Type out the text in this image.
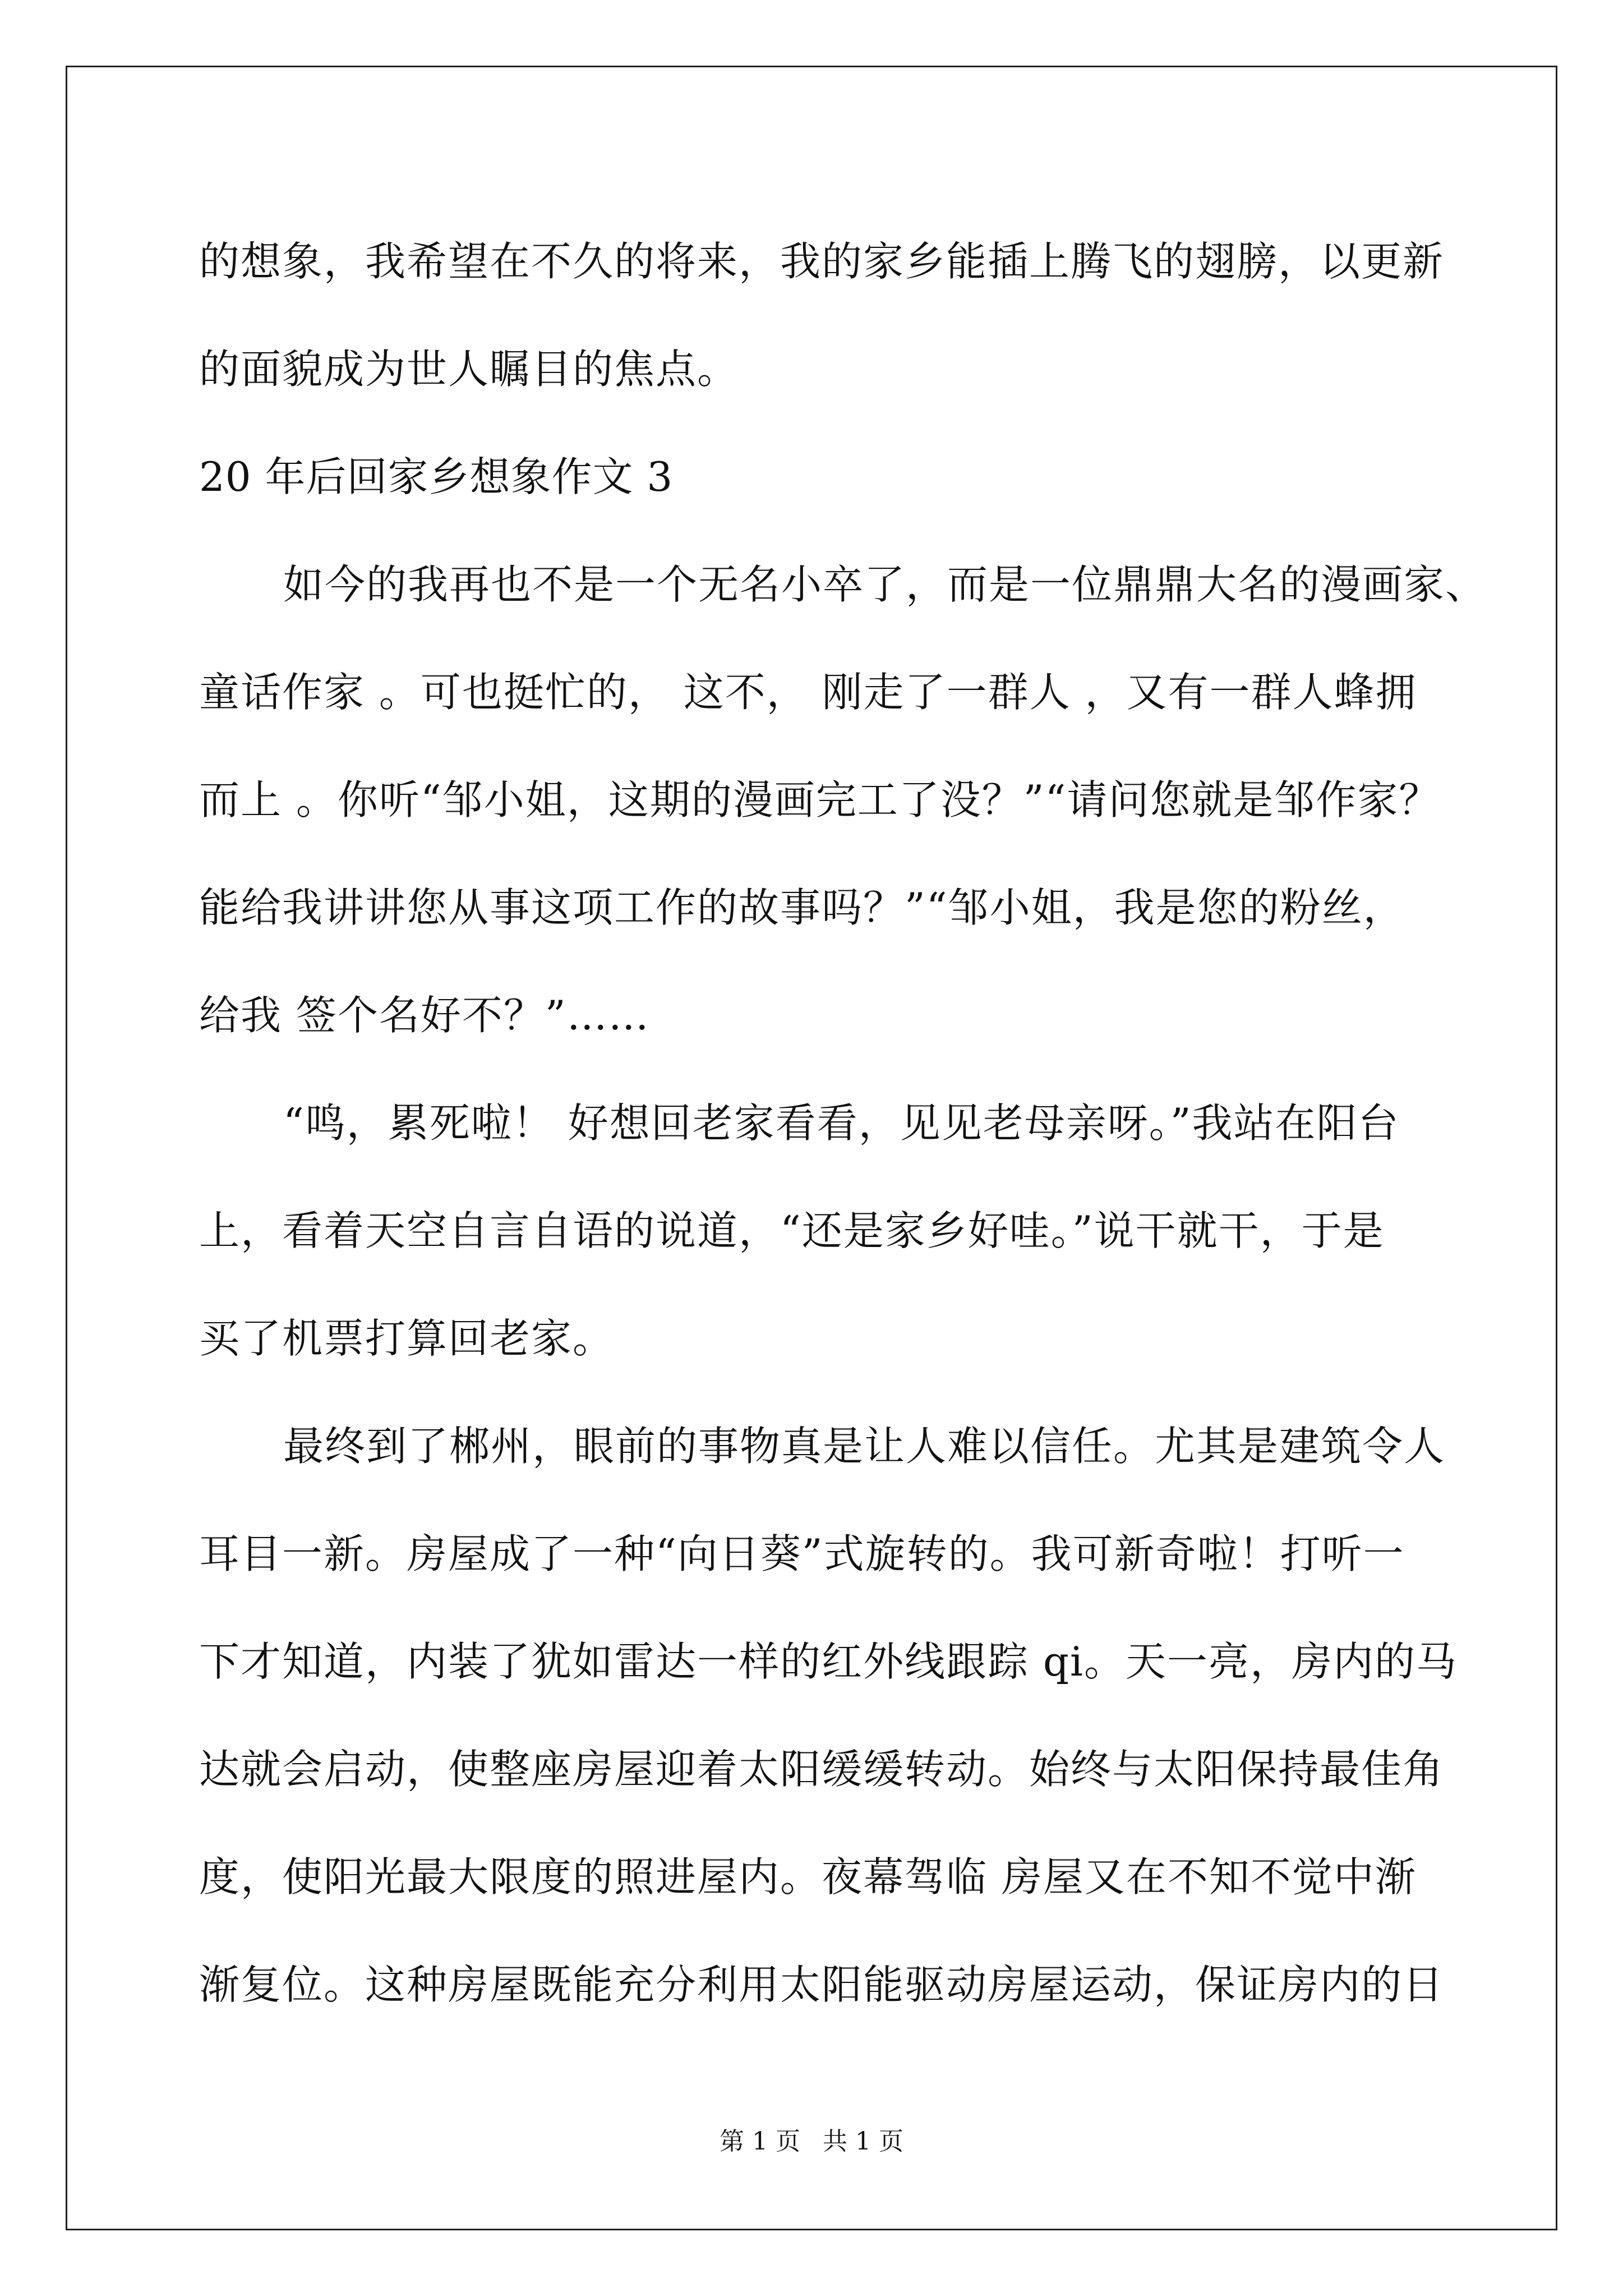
的想象，我希望在不久的将来，我的家乡能插上腾飞的翅膀，以更新
的面貌成为世人瞩目的焦点。
20 年后回家乡想象作文 3
如今的我再也不是一个无名小卒了，而是一位鼎鼎大名的漫画家、
童话作家 。可也挺忙的， 这不， 刚走了一群人 ，又有一群人蜂拥
而上 。你听“邹小姐，这期的漫画完工了没？”“请问您就是邹作家？
能给我讲讲您从事这项工作的故事吗？”“邹小姐，我是您的粉丝，
给我 签个名好不？”……
“鸣，累死啦！ 好想回老家看看，见见老母亲呀。”我站在阳台
上，看着天空自言自语的说道，“还是家乡好哇。”说干就干，于是
买了机票打算回老家。
最终到了郴州，眼前的事物真是让人难以信任。尤其是建筑令人
耳目一新。房屋成了一种“向日葵”式旋转的。我可新奇啦！打听一
下才知道，内装了犹如雷达一样的红外线跟踪 qi。天一亮，房内的马
达就会启动，使整座房屋迎着太阳缓缓转动。始终与太阳保持最佳角
度，使阳光最大限度的照进屋内。夜幕驾临 房屋又在不知不觉中渐
渐复位。这种房屋既能充分利用太阳能驱动房屋运动，保证房内的日
第 1 页 共 1 页
